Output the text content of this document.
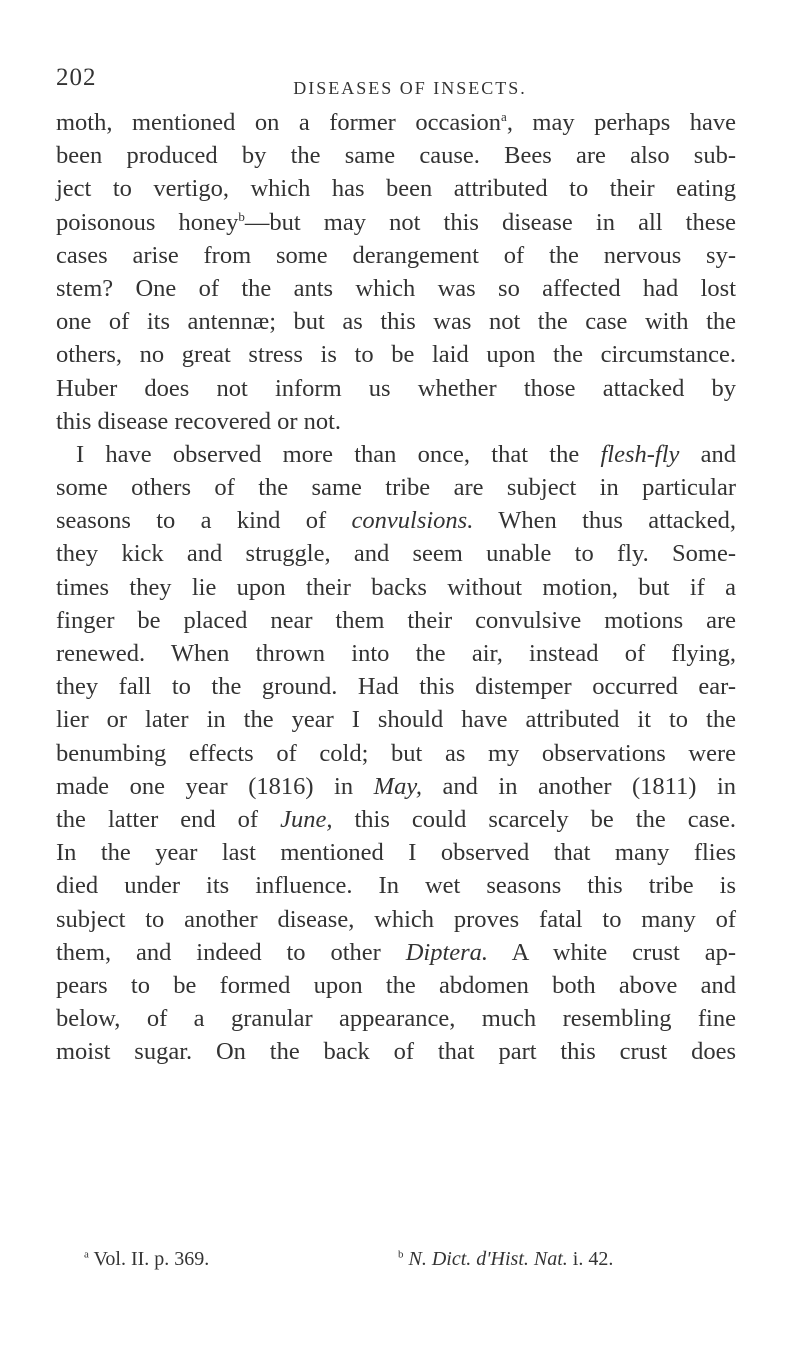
202	DISEASES OF INSECTS.
moth, mentioned on a former occasion$^a$, may perhaps have
been produced by the same cause. Bees are also sub-
ject to vertigo, which has been attributed to their eating
poisonous honey$^b$—but may not this disease in all these
cases arise from some derangement of the nervous sy-
stem? One of the ants which was so affected had lost
one of its antennæ; but as this was not the case with the
others, no great stress is to be laid upon the circumstance.
Huber does not inform us whether those attacked by
this disease recovered or not.
I have observed more than once, that the flesh-fly and
some others of the same tribe are subject in particular
seasons to a kind of convulsions. When thus attacked,
they kick and struggle, and seem unable to fly. Some-
times they lie upon their backs without motion, but if a
finger be placed near them their convulsive motions are
renewed. When thrown into the air, instead of flying,
they fall to the ground. Had this distemper occurred ear-
lier or later in the year I should have attributed it to the
benumbing effects of cold; but as my observations were
made one year (1816) in May, and in another (1811) in
the latter end of June, this could scarcely be the case.
In the year last mentioned I observed that many flies
died under its influence. In wet seasons this tribe is
subject to another disease, which proves fatal to many of
them, and indeed to other Diptera. A white crust ap-
pears to be formed upon the abdomen both above and
below, of a granular appearance, much resembling fine
moist sugar. On the back of that part this crust does
$^a$ Vol. II. p. 369.	$^b$ N. Dict. d'Hist. Nat. i. 42.
